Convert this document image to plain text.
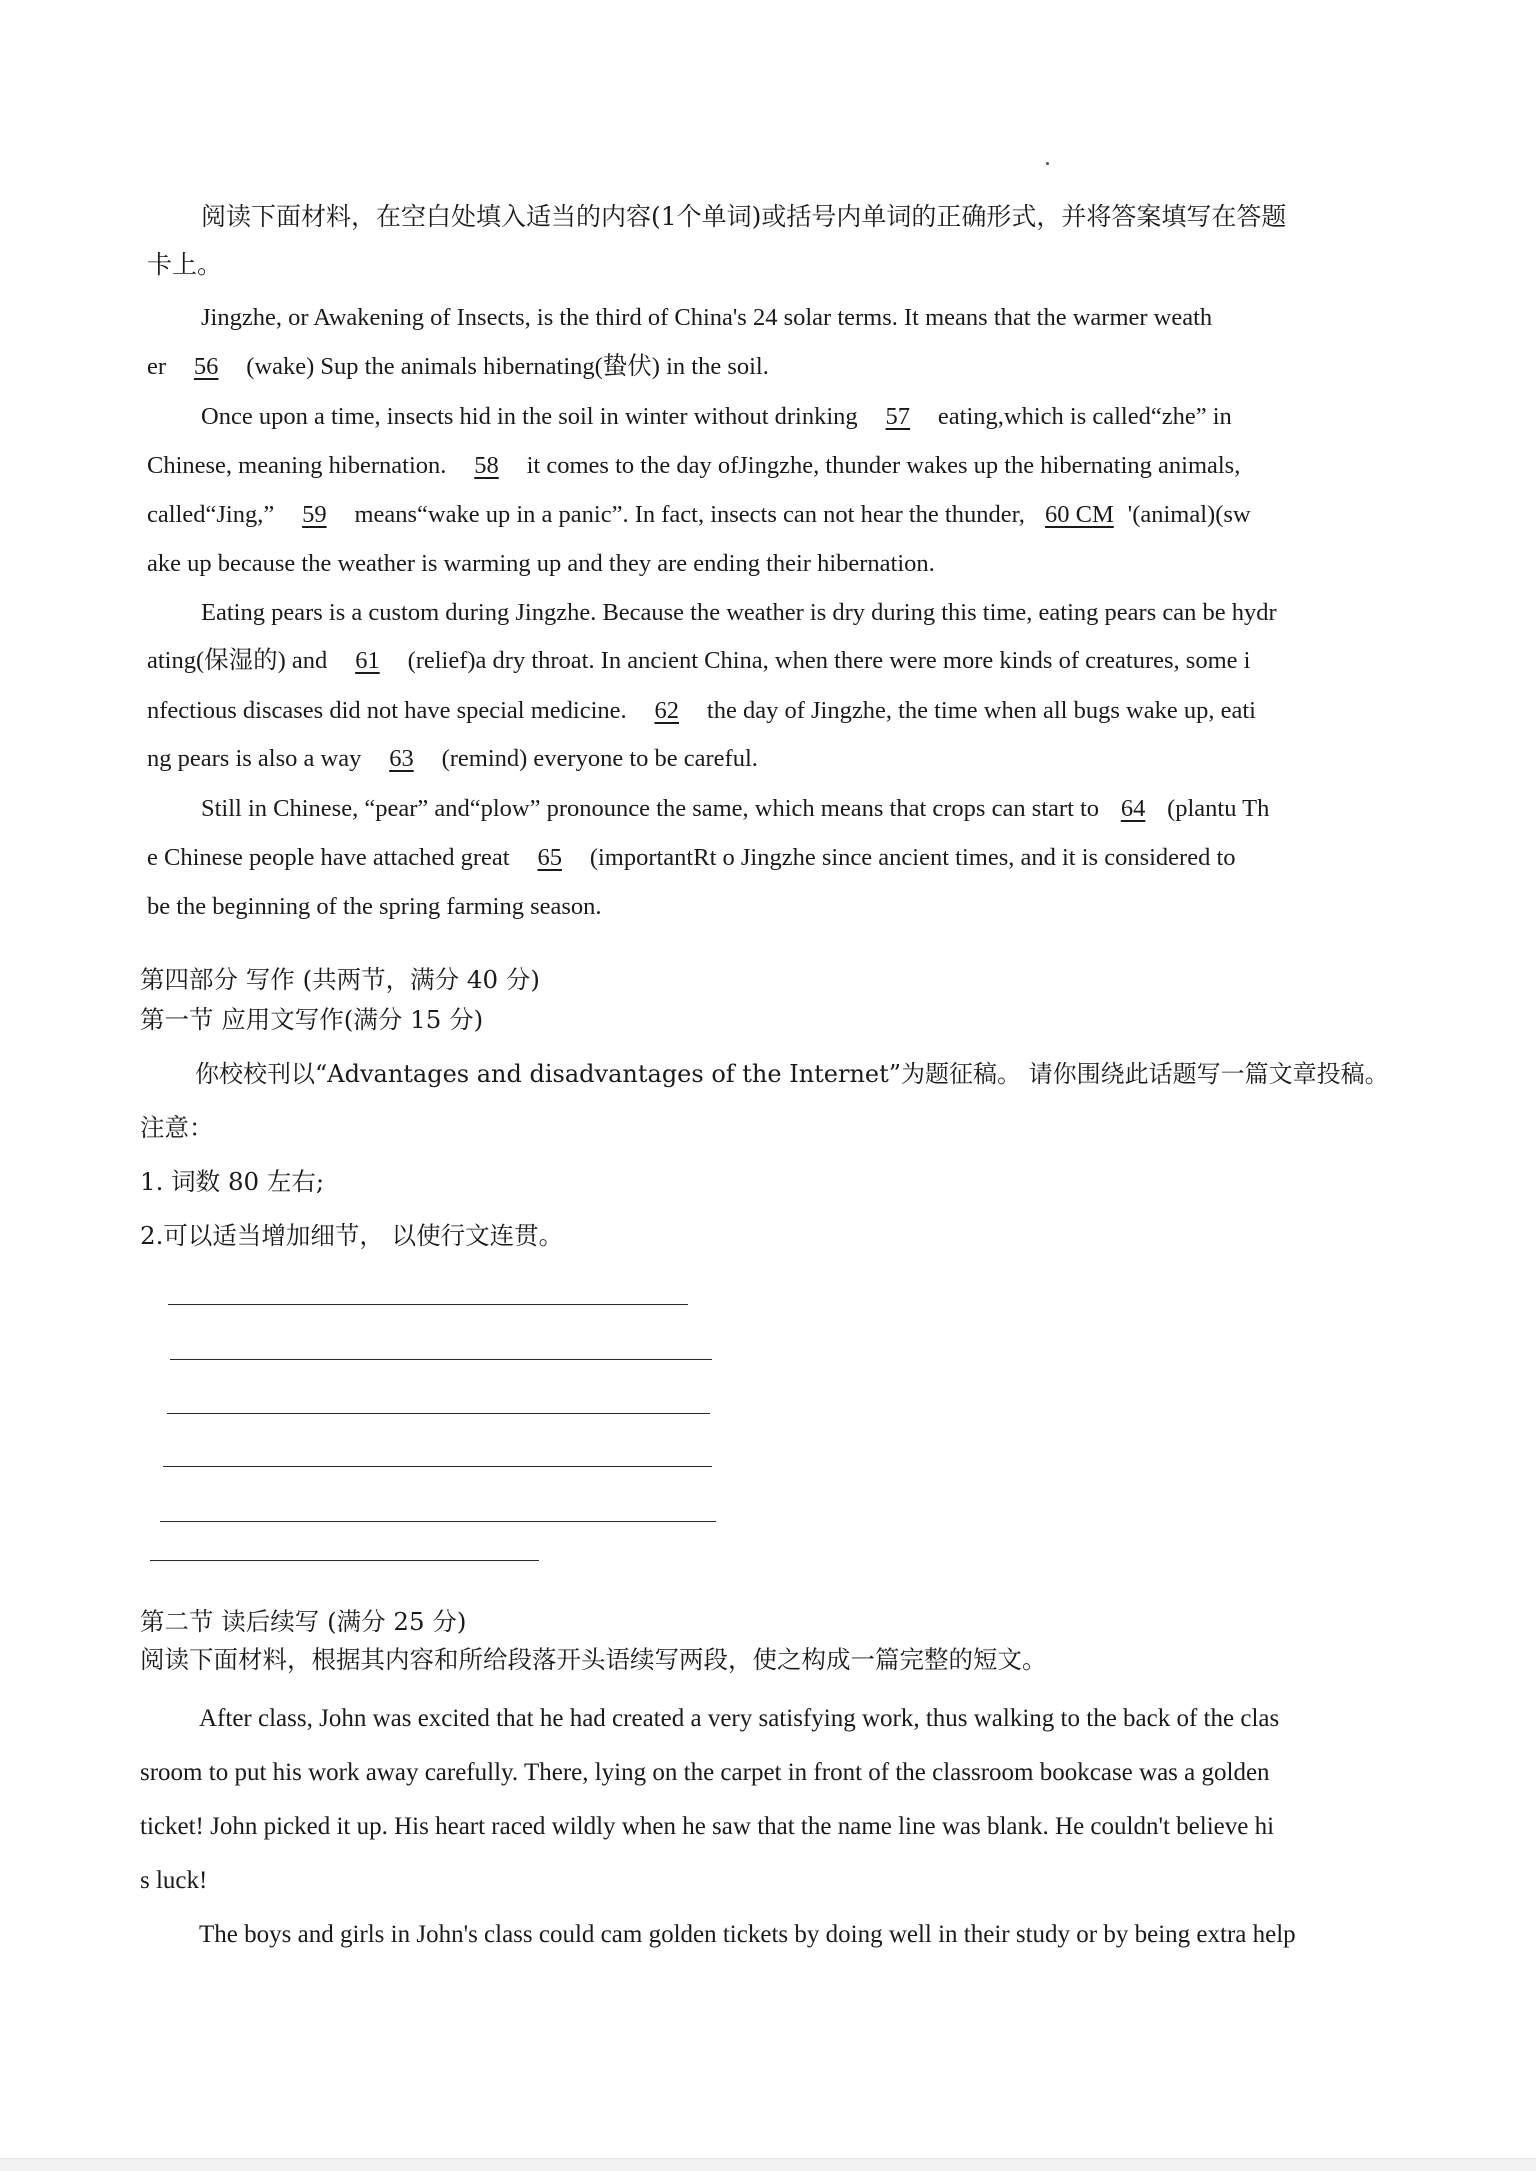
阅读下面材料，在空白处填入适当的内容(1个单词)或括号内单词的正确形式，并将答案填写在答题
卡上。
Jingzhe, or Awakening of Insects, is the third of China's 24 solar terms. It means that the warmer weath
er 56 (wake) Sup the animals hibernating(蛰伏) in the soil.
Once upon a time, insects hid in the soil in winter without drinking 57 eating,which is called“zhe” in
Chinese, meaning hibernation. 58 it comes to the day ofJingzhe, thunder wakes up the hibernating animals,
called“Jing,” 59 means“wake up in a panic”. In fact, insects can not hear the thunder, 60 CM '(animal)(sw
ake up because the weather is warming up and they are ending their hibernation.
Eating pears is a custom during Jingzhe. Because the weather is dry during this time, eating pears can be hydr
ating(保湿的) and 61 (relief)a dry throat. In ancient China, when there were more kinds of creatures, some i
nfectious discases did not have special medicine. 62 the day of Jingzhe, the time when all bugs wake up, eati
ng pears is also a way 63 (remind) everyone to be careful.
Still in Chinese, “pear” and“plow” pronounce the same, which means that crops can start to 64 (plantu Th
e Chinese people have attached great 65 (importantRt o Jingzhe since ancient times, and it is considered to
be the beginning of the spring farming season.
第四部分 写作 (共两节，满分 40 分)
第一节 应用文写作(满分 15 分)
你校校刊以“Advantages and disadvantages of the Internet”为题征稿。 请你围绕此话题写一篇文章投稿。
注意：
1. 词数 80 左右;
2.可以适当增加细节， 以使行文连贯。
第二节 读后续写 (满分 25 分)
阅读下面材料，根据其内容和所给段落开头语续写两段，使之构成一篇完整的短文。
After class, John was excited that he had created a very satisfying work, thus walking to the back of the clas
sroom to put his work away carefully. There, lying on the carpet in front of the classroom bookcase was a golden
ticket! John picked it up. His heart raced wildly when he saw that the name line was blank. He couldn't believe hi
s luck!
The boys and girls in John's class could cam golden tickets by doing well in their study or by being extra help
